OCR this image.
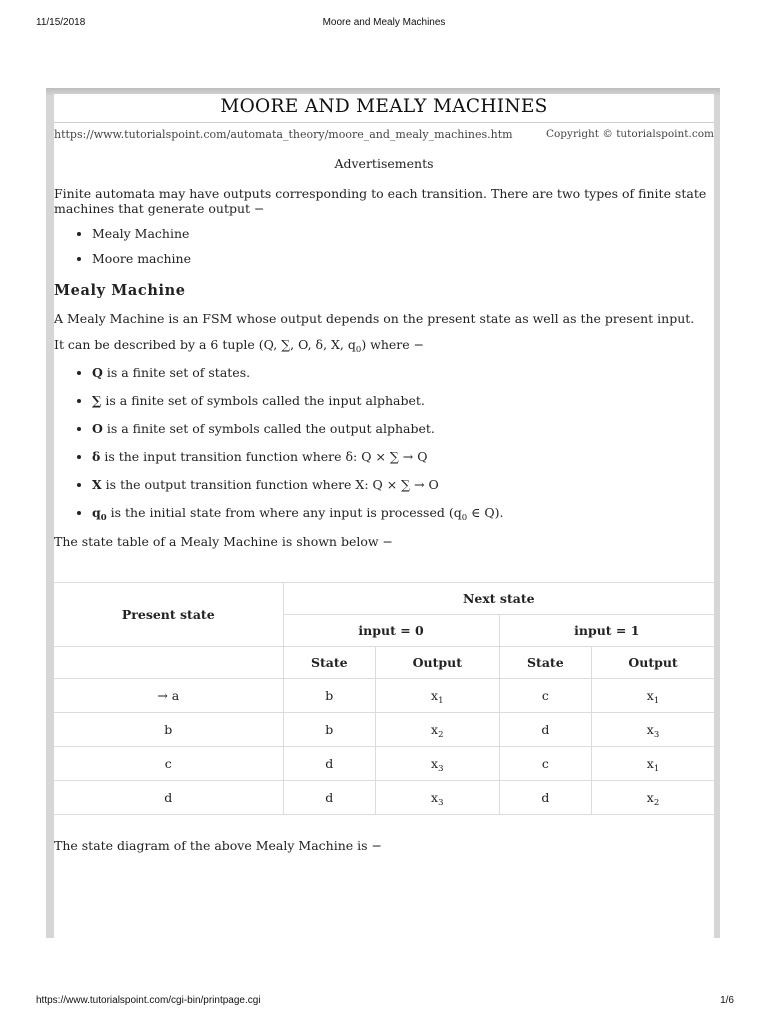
11/15/2018	Moore and Mealy Machines
MOORE AND MEALY MACHINES
https://www.tutorialspoint.com/automata_theory/moore_and_mealy_machines.htm	Copyright © tutorialspoint.com
Advertisements

Finite automata may have outputs corresponding to each transition. There are two types of finite state machines that generate output −

• Mealy Machine
• Moore machine
Mealy Machine

A Mealy Machine is an FSM whose output depends on the present state as well as the present input.

It can be described by a 6 tuple (Q, ∑, O, δ, X, $q_0$) where −

• Q is a finite set of states.
• ∑ is a finite set of symbols called the input alphabet.
• O is a finite set of symbols called the output alphabet.
• δ is the input transition function where δ: Q × ∑ → Q
• X is the output transition function where X: Q × ∑ → O
• $q_0$ is the initial state from where any input is processed ($q_0$ ∈ Q).

The state table of a Mealy Machine is shown below −

Present state	Next state			
	input = 0		input = 1	
	State	Output	State	Output
→ a	b	$x_1$	c	$x_1$
b	b	$x_2$	d	$x_3$
c	d	$x_3$	c	$x_1$
d	d	$x_3$	d	$x_2$

The state diagram of the above Mealy Machine is −

https://www.tutorialspoint.com/cgi-bin/printpage.cgi	1/6
